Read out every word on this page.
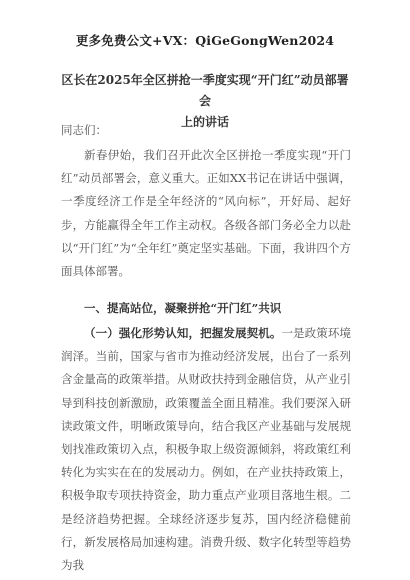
更多免费公文+VX：QiGeGongWen2024
区长在2025年全区拼抢一季度实现“开门红”动员部署会
上的讲话
同志们：

新春伊始，我们召开此次全区拼抢一季度实现“开门红”动员部署会，意义重大。正如XX书记在讲话中强调，一季度经济工作是全年经济的“风向标”，开好局、起好步，方能赢得全年工作主动权。各级各部门务必全力以赴以“开门红”为“全年红”奠定坚实基础。下面，我讲四个方面具体部署。

一、提高站位，凝聚拼抢“开门红”共识

（一）强化形势认知，把握发展契机。一是政策环境润泽。当前，国家与省市为推动经济发展，出台了一系列含金量高的政策举措。从财政扶持到金融信贷，从产业引导到科技创新激励，政策覆盖全面且精准。我们要深入研读政策文件，明晰政策导向，结合我区产业基础与发展规划找准政策切入点，积极争取上级资源倾斜，将政策红利转化为实实在在的发展动力。例如，在产业扶持政策上，积极争取专项扶持资金，助力重点产业项目落地生根。二是经济趋势把握。全球经济逐步复苏，国内经济稳健前行，新发展格局加速构建。消费升级、数字化转型等趋势为我
